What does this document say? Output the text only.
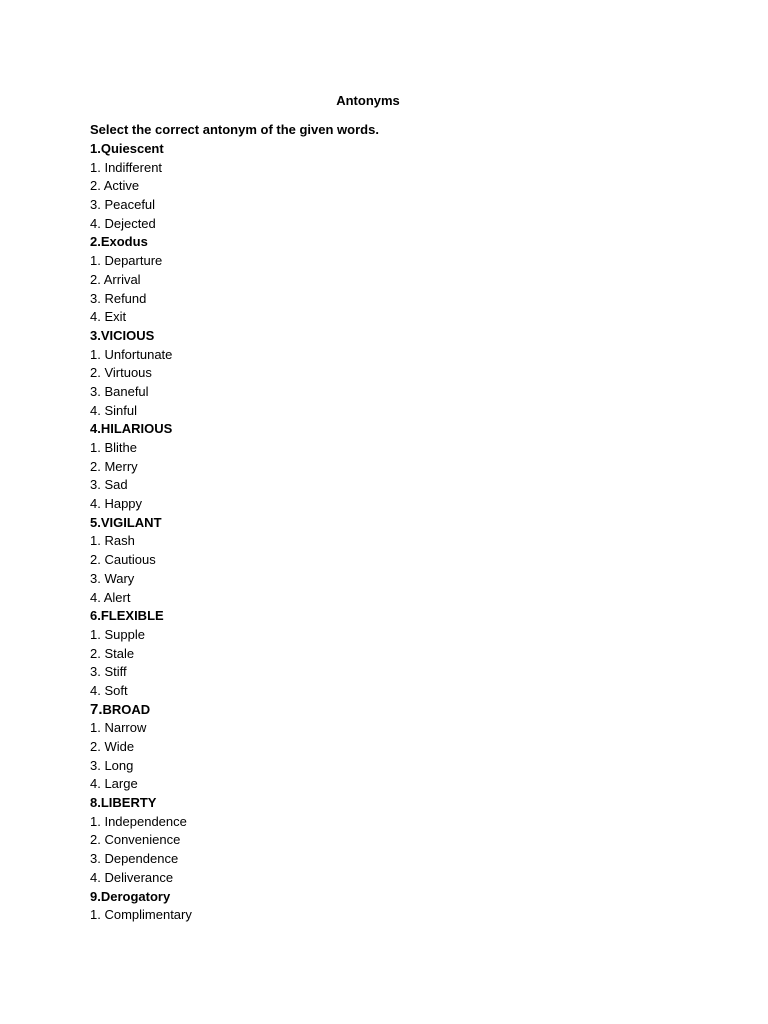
Antonyms
Select the correct antonym of the given words.
1.Quiescent
1. Indifferent
2. Active
3. Peaceful
4. Dejected
2.Exodus
1. Departure
2. Arrival
3. Refund
4. Exit
3.VICIOUS
1. Unfortunate
2. Virtuous
3. Baneful
4. Sinful
4.HILARIOUS
1. Blithe
2. Merry
3. Sad
4. Happy
5.VIGILANT
1. Rash
2. Cautious
3. Wary
4. Alert
6.FLEXIBLE
1. Supple
2. Stale
3. Stiff
4. Soft
7.BROAD
1. Narrow
2. Wide
3. Long
4. Large
8.LIBERTY
1. Independence
2. Convenience
3. Dependence
4. Deliverance
9.Derogatory
1. Complimentary
